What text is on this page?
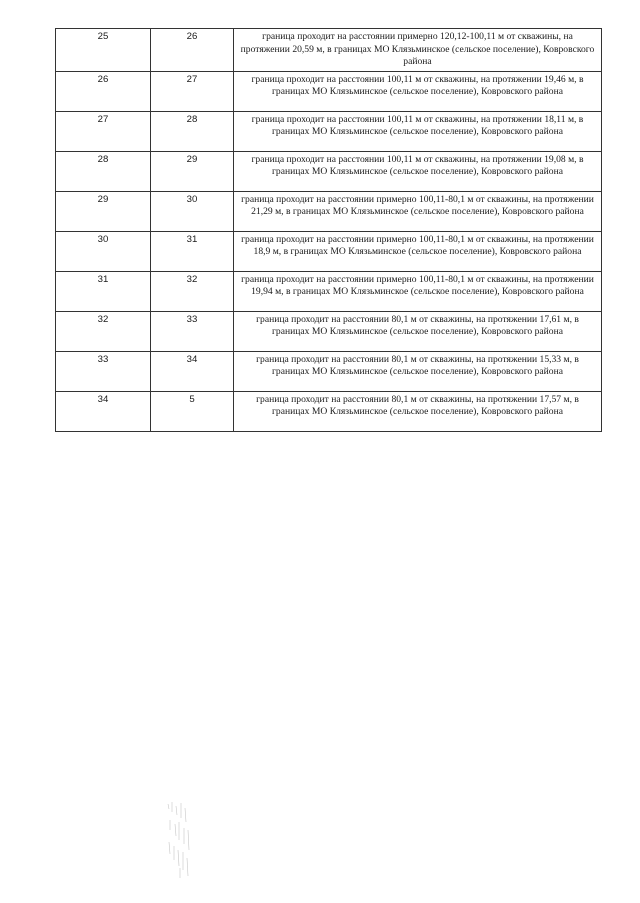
25	26	граница проходит на расстоянии примерно 120,12-100,11 м от скважины, на протяжении 20,59 м, в границах МО Клязьминское (сельское поселение), Ковровского района
26	27	граница проходит на расстоянии 100,11 м от скважины, на протяжении 19,46 м, в границах МО Клязьминское (сельское поселение), Ковровского района
27	28	граница проходит на расстоянии 100,11 м от скважины, на протяжении 18,11 м, в границах МО Клязьминское (сельское поселение), Ковровского района
28	29	граница проходит на расстоянии 100,11 м от скважины, на протяжении 19,08 м, в границах МО Клязьминское (сельское поселение), Ковровского района
29	30	граница проходит на расстоянии примерно 100,11-80,1 м от скважины, на протяжении 21,29 м, в границах МО Клязьминское (сельское поселение), Ковровского района
30	31	граница проходит на расстоянии примерно 100,11-80,1 м от скважины, на протяжении 18,9 м, в границах МО Клязьминское (сельское поселение), Ковровского района
31	32	граница проходит на расстоянии примерно 100,11-80,1 м от скважины, на протяжении 19,94 м, в границах МО Клязьминское (сельское поселение), Ковровского района
32	33	граница проходит на расстоянии 80,1 м от скважины, на протяжении 17,61 м, в границах МО Клязьминское (сельское поселение), Ковровского района
33	34	граница проходит на расстоянии 80,1 м от скважины, на протяжении 15,33 м, в границах МО Клязьминское (сельское поселение), Ковровского района
34	5	граница проходит на расстоянии 80,1 м от скважины, на протяжении 17,57 м, в границах МО Клязьминское (сельское поселение), Ковровского района
